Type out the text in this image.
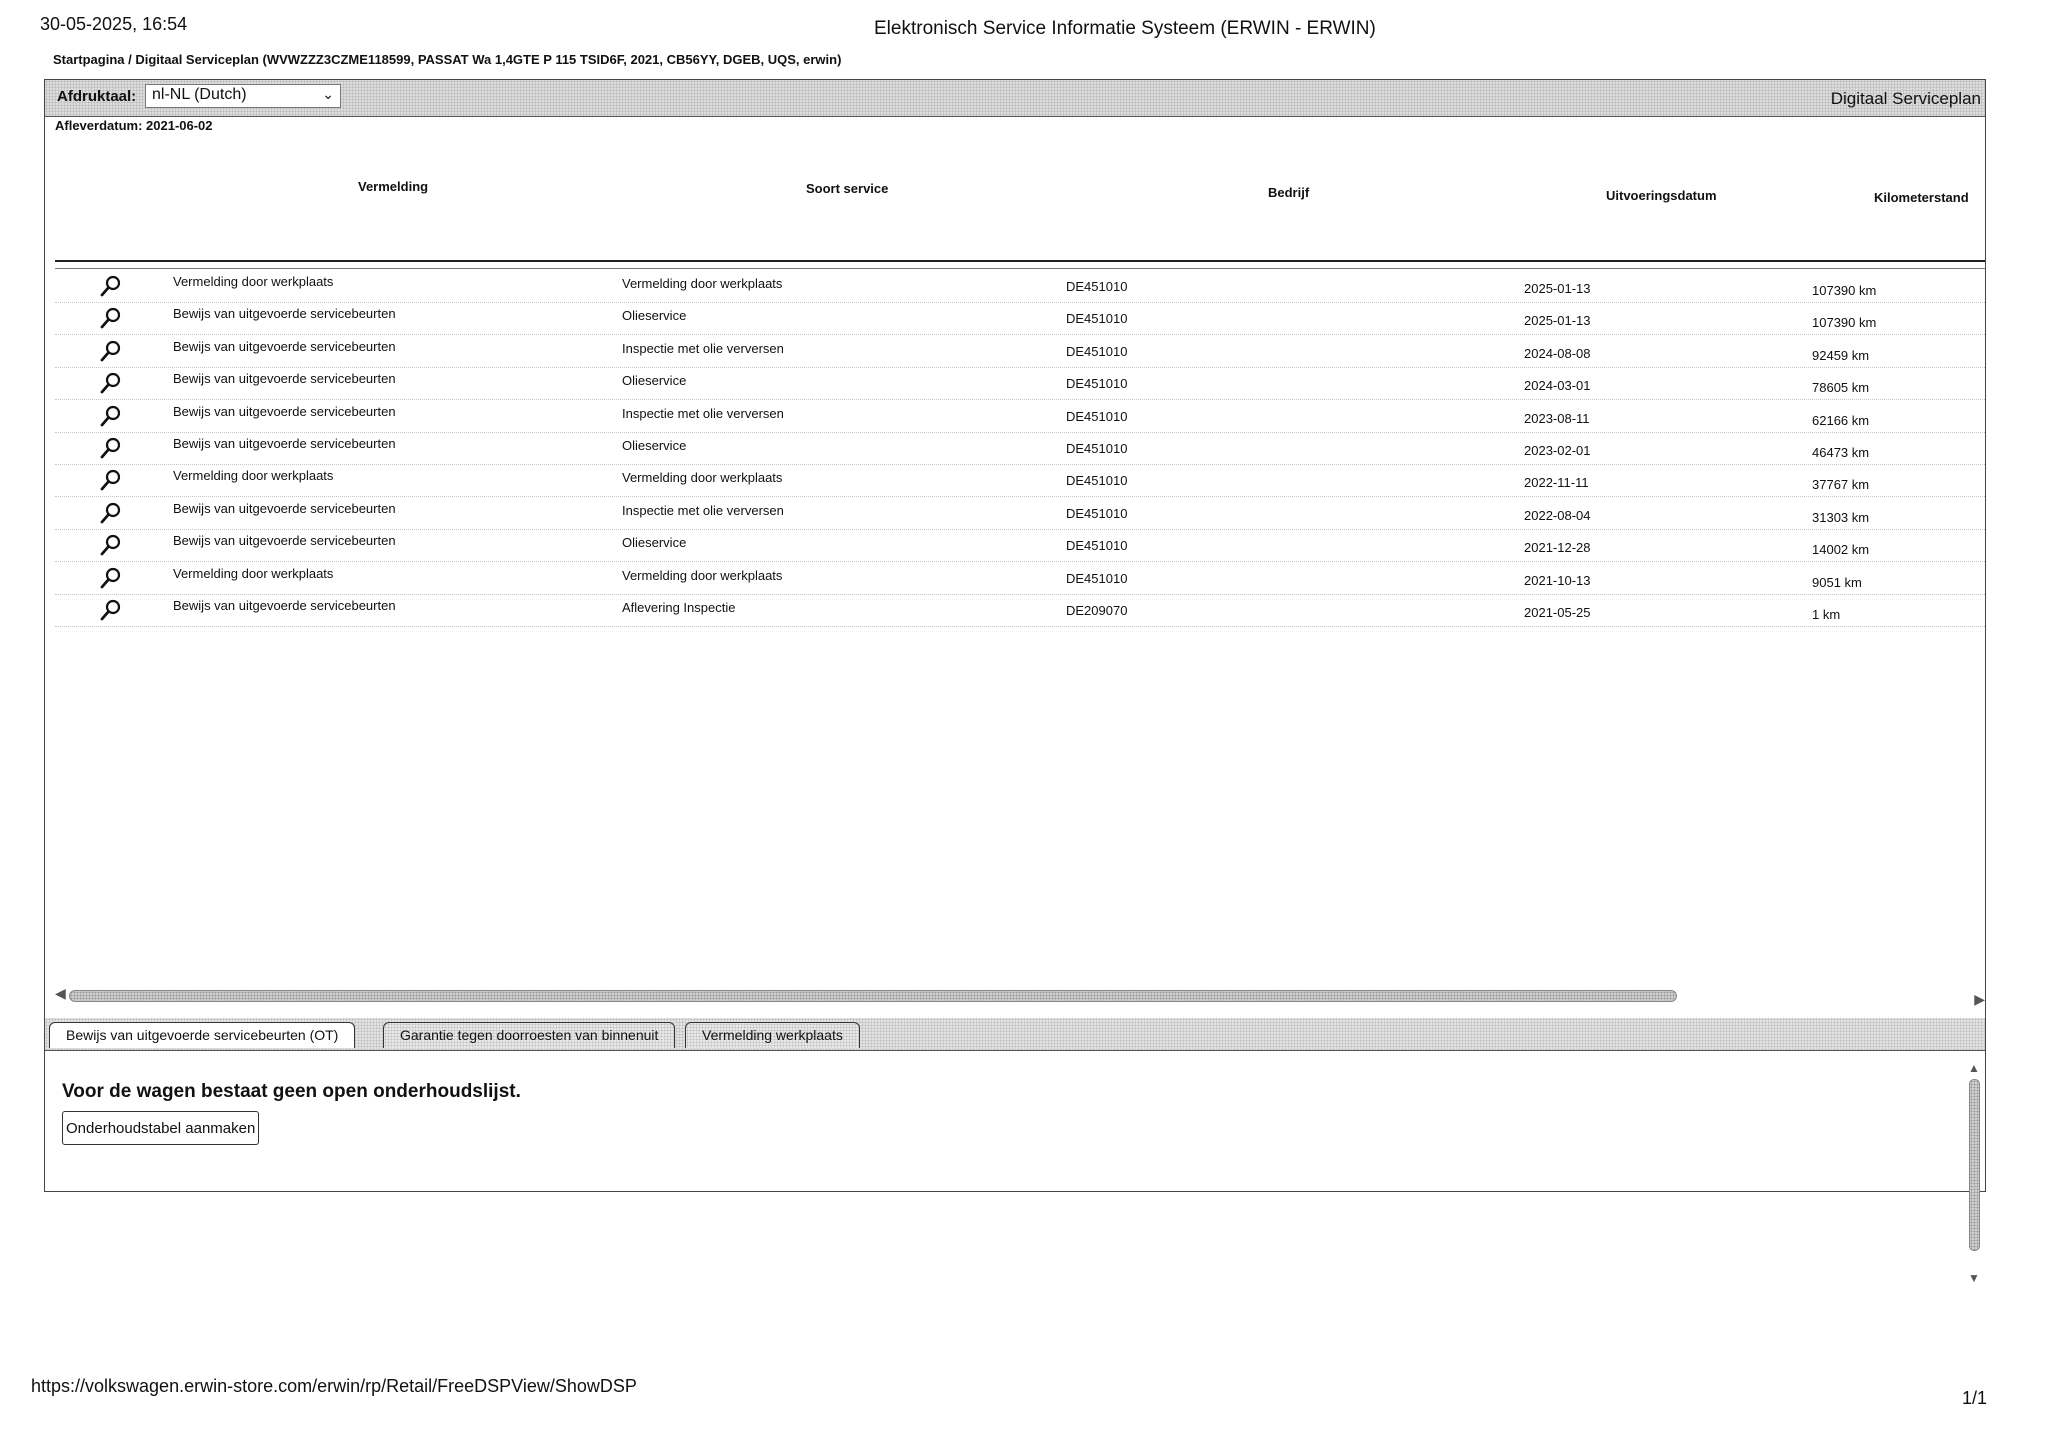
30-05-2025, 16:54	Elektronisch Service Informatie Systeem (ERWIN - ERWIN)
Startpagina / Digitaal Serviceplan (WVWZZZ3CZME118599, PASSAT Wa 1,4GTE P 115 TSID6F, 2021, CB56YY, DGEB, UQS, erwin)
Afdruktaal: nl-NL (Dutch)	⌄	Digitaal Serviceplan
Afleverdatum: 2021-06-02
Vermelding	Soort service	Bedrijf	Uitvoeringsdatum	Kilometerstand
Vermelding door werkplaats	Vermelding door werkplaats	DE451010	2025-01-13	107390 km
Bewijs van uitgevoerde servicebeurten	Olieservice	DE451010	2025-01-13	107390 km
Bewijs van uitgevoerde servicebeurten	Inspectie met olie verversen	DE451010	2024-08-08	92459 km
Bewijs van uitgevoerde servicebeurten	Olieservice	DE451010	2024-03-01	78605 km
Bewijs van uitgevoerde servicebeurten	Inspectie met olie verversen	DE451010	2023-08-11	62166 km
Bewijs van uitgevoerde servicebeurten	Olieservice	DE451010	2023-02-01	46473 km
Vermelding door werkplaats	Vermelding door werkplaats	DE451010	2022-11-11	37767 km
Bewijs van uitgevoerde servicebeurten	Inspectie met olie verversen	DE451010	2022-08-04	31303 km
Bewijs van uitgevoerde servicebeurten	Olieservice	DE451010	2021-12-28	14002 km
Vermelding door werkplaats	Vermelding door werkplaats	DE451010	2021-10-13	9051 km
Bewijs van uitgevoerde servicebeurten	Aflevering Inspectie	DE209070	2021-05-25	1 km
◀	▶
Bewijs van uitgevoerde servicebeurten (OT)	Garantie tegen doorroesten van binnenuit	Vermelding werkplaats
Voor de wagen bestaat geen open onderhoudslijst.
Onderhoudstabel aanmaken
▲
▼
https://volkswagen.erwin-store.com/erwin/rp/Retail/FreeDSPView/ShowDSP
1/1
